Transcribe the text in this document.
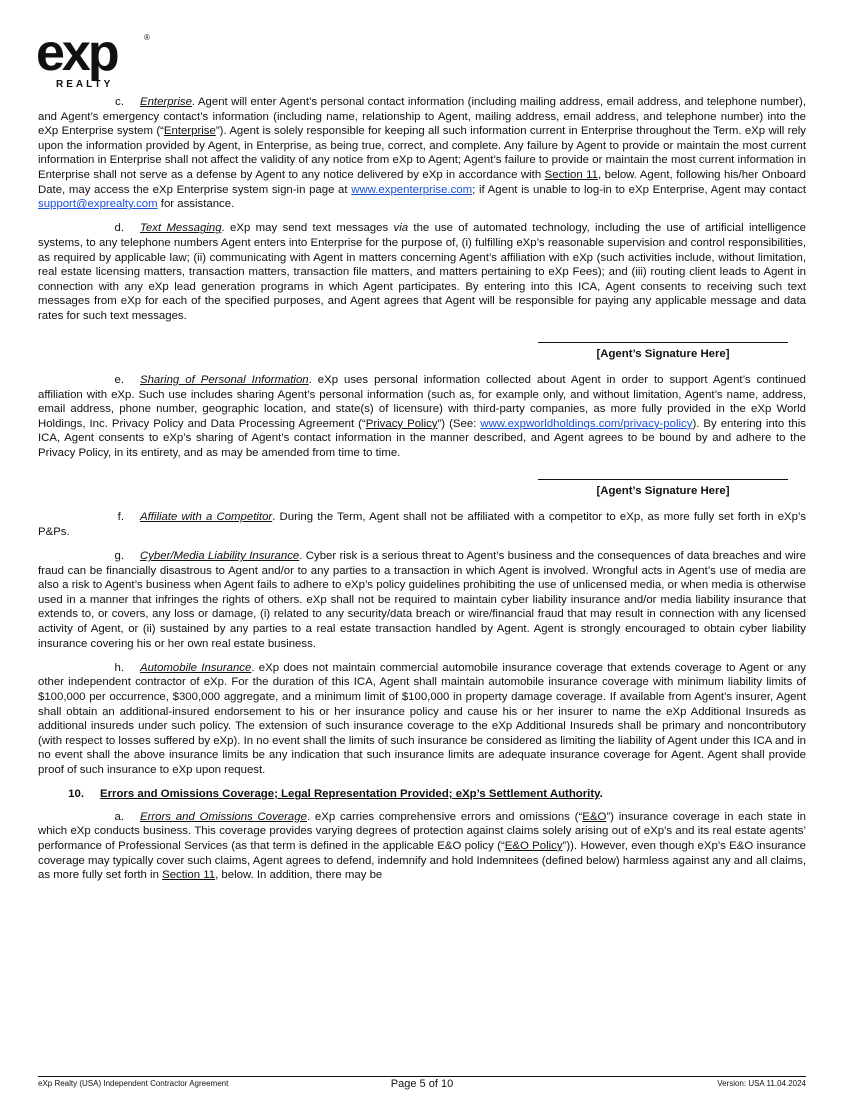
exp	®
REALTY

c. Enterprise. Agent will enter Agent’s personal contact information (including mailing address, email address, and telephone number), and Agent’s emergency contact’s information (including name, relationship to Agent, mailing address, email address, and telephone number) into the eXp Enterprise system (“Enterprise”). Agent is solely responsible for keeping all such information current in Enterprise throughout the Term. eXp will rely upon the information provided by Agent, in Enterprise, as being true, correct, and complete. Any failure by Agent to provide or maintain the most current information in Enterprise shall not affect the validity of any notice from eXp to Agent; Agent’s failure to provide or maintain the most current information in Enterprise shall not serve as a defense by Agent to any notice delivered by eXp in accordance with Section 11, below. Agent, following his/her Onboard Date, may access the eXp Enterprise system sign-in page at www.expenterprise.com; if Agent is unable to log-in to eXp Enterprise, Agent may contact support@exprealty.com for assistance.

d. Text Messaging. eXp may send text messages via the use of automated technology, including the use of artificial intelligence systems, to any telephone numbers Agent enters into Enterprise for the purpose of, (i) fulfilling eXp’s reasonable supervision and control responsibilities, as required by applicable law; (ii) communicating with Agent in matters concerning Agent’s affiliation with eXp (such activities include, without limitation, real estate licensing matters, transaction matters, transaction file matters, and matters pertaining to eXp Fees); and (iii) routing client leads to Agent in connection with any eXp lead generation programs in which Agent participates. By entering into this ICA, Agent consents to receiving such text messages from eXp for each of the specified purposes, and Agent agrees that Agent will be responsible for paying any applicable message and data rates for such text messages.

[Agent’s Signature Here]

e. Sharing of Personal Information. eXp uses personal information collected about Agent in order to support Agent’s continued affiliation with eXp. Such use includes sharing Agent’s personal information (such as, for example only, and without limitation, Agent’s name, address, email address, phone number, geographic location, and state(s) of licensure) with third-party companies, as more fully provided in the eXp World Holdings, Inc. Privacy Policy and Data Processing Agreement (“Privacy Policy”) (See: www.expworldholdings.com/privacy-policy). By entering into this ICA, Agent consents to eXp’s sharing of Agent’s contact information in the manner described, and Agent agrees to be bound by and adhere to the Privacy Policy, in its entirety, and as may be amended from time to time.

[Agent’s Signature Here]

f. Affiliate with a Competitor. During the Term, Agent shall not be affiliated with a competitor to eXp, as more fully set forth in eXp’s P&Ps.

g. Cyber/Media Liability Insurance. Cyber risk is a serious threat to Agent’s business and the consequences of data breaches and wire fraud can be financially disastrous to Agent and/or to any parties to a transaction in which Agent is involved. Wrongful acts in Agent’s use of media are also a risk to Agent’s business when Agent fails to adhere to eXp’s policy guidelines prohibiting the use of unlicensed media, or when media is otherwise used in a manner that infringes the rights of others. eXp shall not be required to maintain cyber liability insurance and/or media liability insurance that extends to, or covers, any loss or damage, (i) related to any security/data breach or wire/financial fraud that may result in connection with any licensed activity of Agent, or (ii) sustained by any parties to a real estate transaction handled by Agent. Agent is strongly encouraged to obtain cyber liability insurance covering his or her own real estate business.

h. Automobile Insurance. eXp does not maintain commercial automobile insurance coverage that extends coverage to Agent or any other independent contractor of eXp. For the duration of this ICA, Agent shall maintain automobile insurance coverage with minimum liability limits of $100,000 per occurrence, $300,000 aggregate, and a minimum limit of $100,000 in property damage coverage. If available from Agent’s insurer, Agent shall obtain an additional-insured endorsement to his or her insurance policy and cause his or her insurer to name the eXp Additional Insureds as additional insureds under such policy. The extension of such insurance coverage to the eXp Additional Insureds shall be primary and noncontributory (with respect to losses suffered by eXp). In no event shall the limits of such insurance be considered as limiting the liability of Agent under this ICA and in no event shall the above insurance limits be any indication that such insurance limits are adequate insurance coverage for Agent. Agent shall provide proof of such insurance to eXp upon request.

10. Errors and Omissions Coverage; Legal Representation Provided; eXp’s Settlement Authority.

a. Errors and Omissions Coverage. eXp carries comprehensive errors and omissions (“E&O”) insurance coverage in each state in which eXp conducts business. This coverage provides varying degrees of protection against claims solely arising out of eXp’s and its real estate agents’ performance of Professional Services (as that term is defined in the applicable E&O policy (“E&O Policy”)). However, even though eXp’s E&O insurance coverage may typically cover such claims, Agent agrees to defend, indemnify and hold Indemnitees (defined below) harmless against any and all claims, as more fully set forth in Section 11, below. In addition, there may be

eXp Realty (USA) Independent Contractor Agreement	Page 5 of 10	Version: USA 11.04.2024
